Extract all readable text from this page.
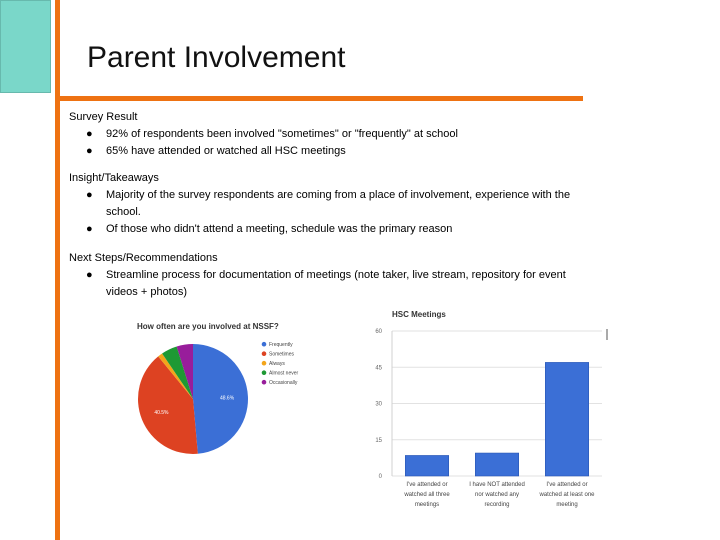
Parent Involvement
Survey Result
● 92% of respondents been involved "sometimes" or "frequently" at school
● 65% have attended or watched all HSC meetings
Insight/Takeaways
● Majority of the survey respondents are coming from a place of involvement, experience with the school.
● Of those who didn't attend a meeting, schedule was the primary reason
Next Steps/Recommendations
● Streamline process for documentation of meetings (note taker, live stream, repository for event videos + photos)
How often are you involved at NSSF?
48.6%
40.5%
Frequently
Sometimes
Always
Almost never
Occasionally
HSC Meetings
0
15
30
45
60
I've attended or
watched all three
meetings
I have NOT attended
nor watched any
recording
I've attended or
watched at least one
meeting
